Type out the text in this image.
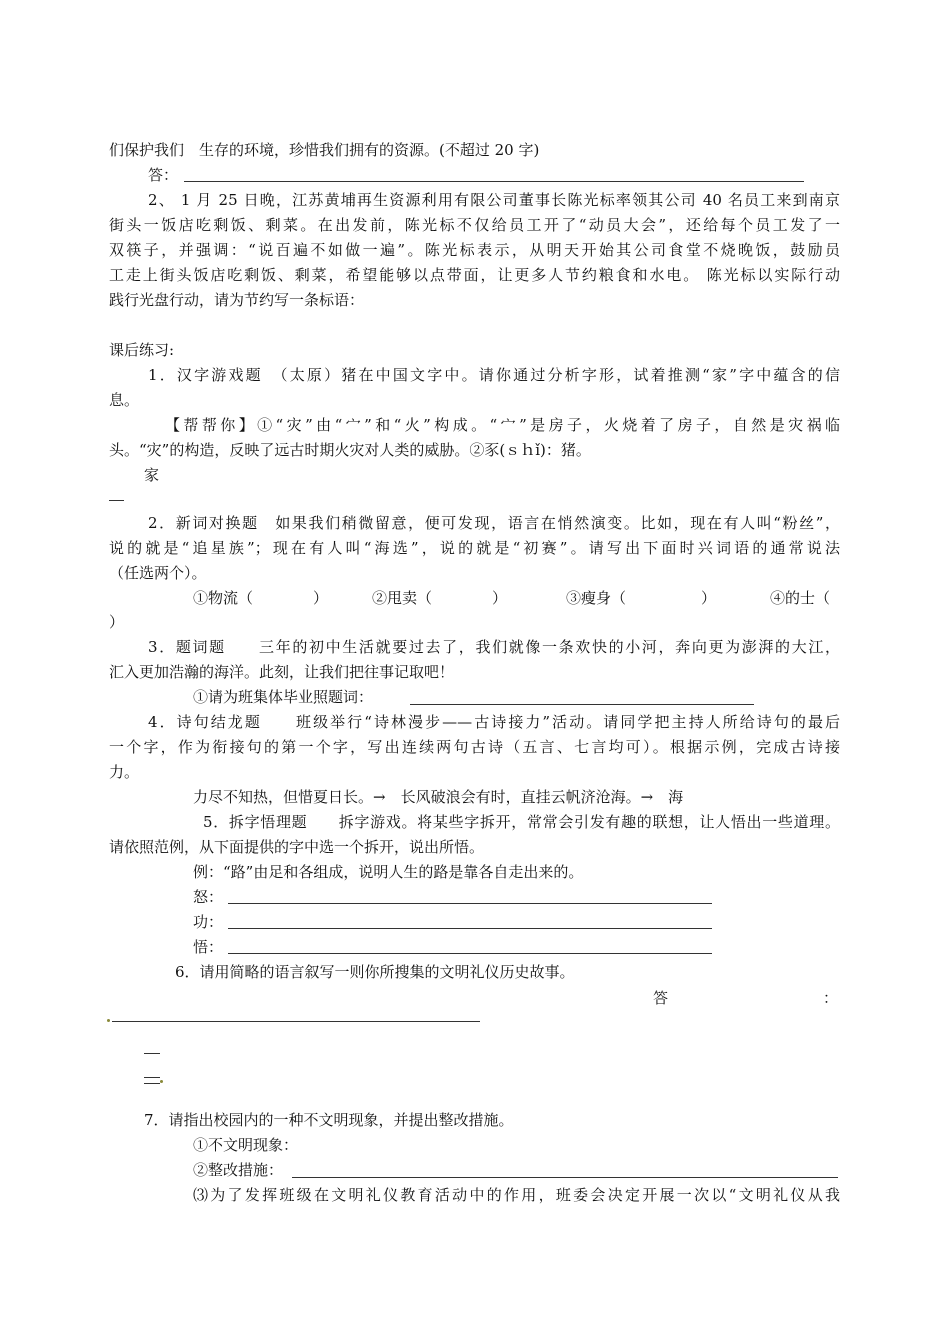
们保护我们　生存的环境，珍惜我们拥有的资源。(不超过 20 字)
答：
2、 1 月 25 日晚，江苏黄埔再生资源利用有限公司董事长陈光标率领其公司 40 名员工来到南京
街头一饭店吃剩饭、剩菜。在出发前，陈光标不仅给员工开了“动员大会”，还给每个员工发了一
双筷子，并强调：“说百遍不如做一遍”。陈光标表示，从明天开始其公司食堂不烧晚饭，鼓励员
工走上街头饭店吃剩饭、剩菜，希望能够以点带面，让更多人节约粮食和水电。 陈光标以实际行动
践行光盘行动，请为节约写一条标语：
课后练习:
1．汉字游戏题　（太原）猪在中国文字中。请你通过分析字形，试着推测“家”字中蕴含的信
息。
【帮帮你】①“灾”由“宀”和“火”构成。“宀”是房子，火烧着了房子，自然是灾祸临
头。“灾”的构造，反映了远古时期火灾对人类的威胁。②豕(ｓｈǐ)：猪。
家
2．新词对换题　如果我们稍微留意，便可发现，语言在悄然演变。比如，现在有人叫“粉丝”，
说的就是“追星族”；现在有人叫“海选”，说的就是“初赛”。请写出下面时兴词语的通常说法
（任选两个）。
①物流（　　　　）	②甩卖（　　　　）	③瘦身（　　　　　）	④的士（
）
3．题词题　　三年的初中生活就要过去了，我们就像一条欢快的小河，奔向更为澎湃的大江，
汇入更加浩瀚的海洋。此刻，让我们把往事记取吧！
①请为班集体毕业照题词：
4．诗句结龙题　　班级举行“诗林漫步——古诗接力”活动。请同学把主持人所给诗句的最后
一个字，作为衔接句的第一个字，写出连续两句古诗（五言、七言均可）。根据示例，完成古诗接
力。
力尽不知热，但惜夏日长。→　长风破浪会有时，直挂云帆济沧海。→　海
5．拆字悟理题　　拆字游戏。将某些字拆开，常常会引发有趣的联想，让人悟出一些道理。
请依照范例，从下面提供的字中选一个拆开，说出所悟。
例：“路”由足和各组成，说明人生的路是靠各自走出来的。
怒：
功：
悟：
6．请用简略的语言叙写一则你所搜集的文明礼仪历史故事。
答	：
7．请指出校园内的一种不文明现象，并提出整改措施。
①不文明现象：
②整改措施：
⑶为了发挥班级在文明礼仪教育活动中的作用，班委会决定开展一次以“文明礼仪从我
